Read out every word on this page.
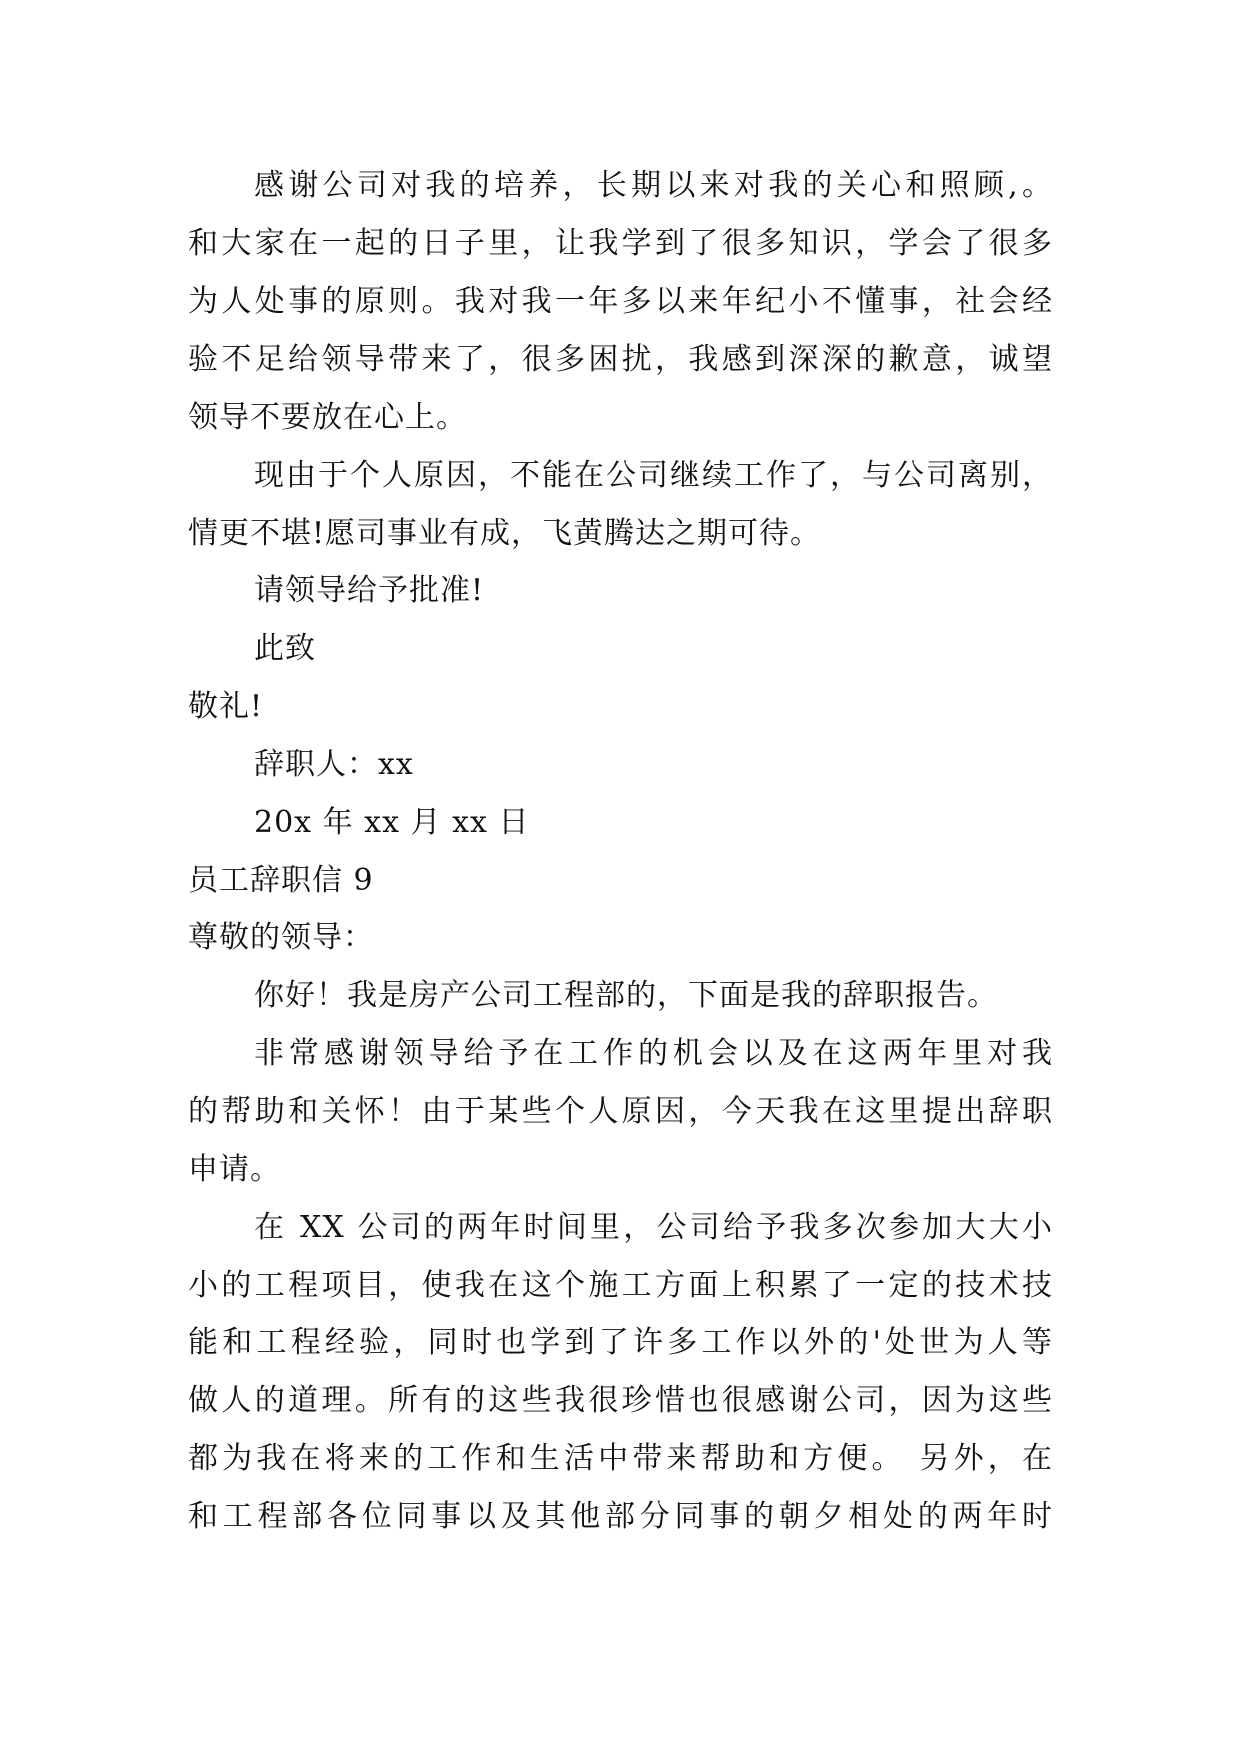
感谢公司对我的培养，长期以来对我的关心和照顾,。

和大家在一起的日子里，让我学到了很多知识，学会了很多

为人处事的原则。我对我一年多以来年纪小不懂事，社会经

验不足给领导带来了，很多困扰，我感到深深的歉意，诚望

领导不要放在心上。

现由于个人原因，不能在公司继续工作了，与公司离别，

情更不堪!愿司事业有成，飞黄腾达之期可待。

请领导给予批准!

此致

敬礼!

辞职人：xx

20x 年 xx 月 xx 日

员工辞职信 9

尊敬的领导：

你好！我是房产公司工程部的，下面是我的辞职报告。

非常感谢领导给予在工作的机会以及在这两年里对我

的帮助和关怀！由于某些个人原因，今天我在这里提出辞职

申请。

在 XX 公司的两年时间里，公司给予我多次参加大大小

小的工程项目，使我在这个施工方面上积累了一定的技术技

能和工程经验，同时也学到了许多工作以外的'处世为人等

做人的道理。所有的这些我很珍惜也很感谢公司，因为这些

都为我在将来的工作和生活中带来帮助和方便。 另外，在

和工程部各位同事以及其他部分同事的朝夕相处的两年时
